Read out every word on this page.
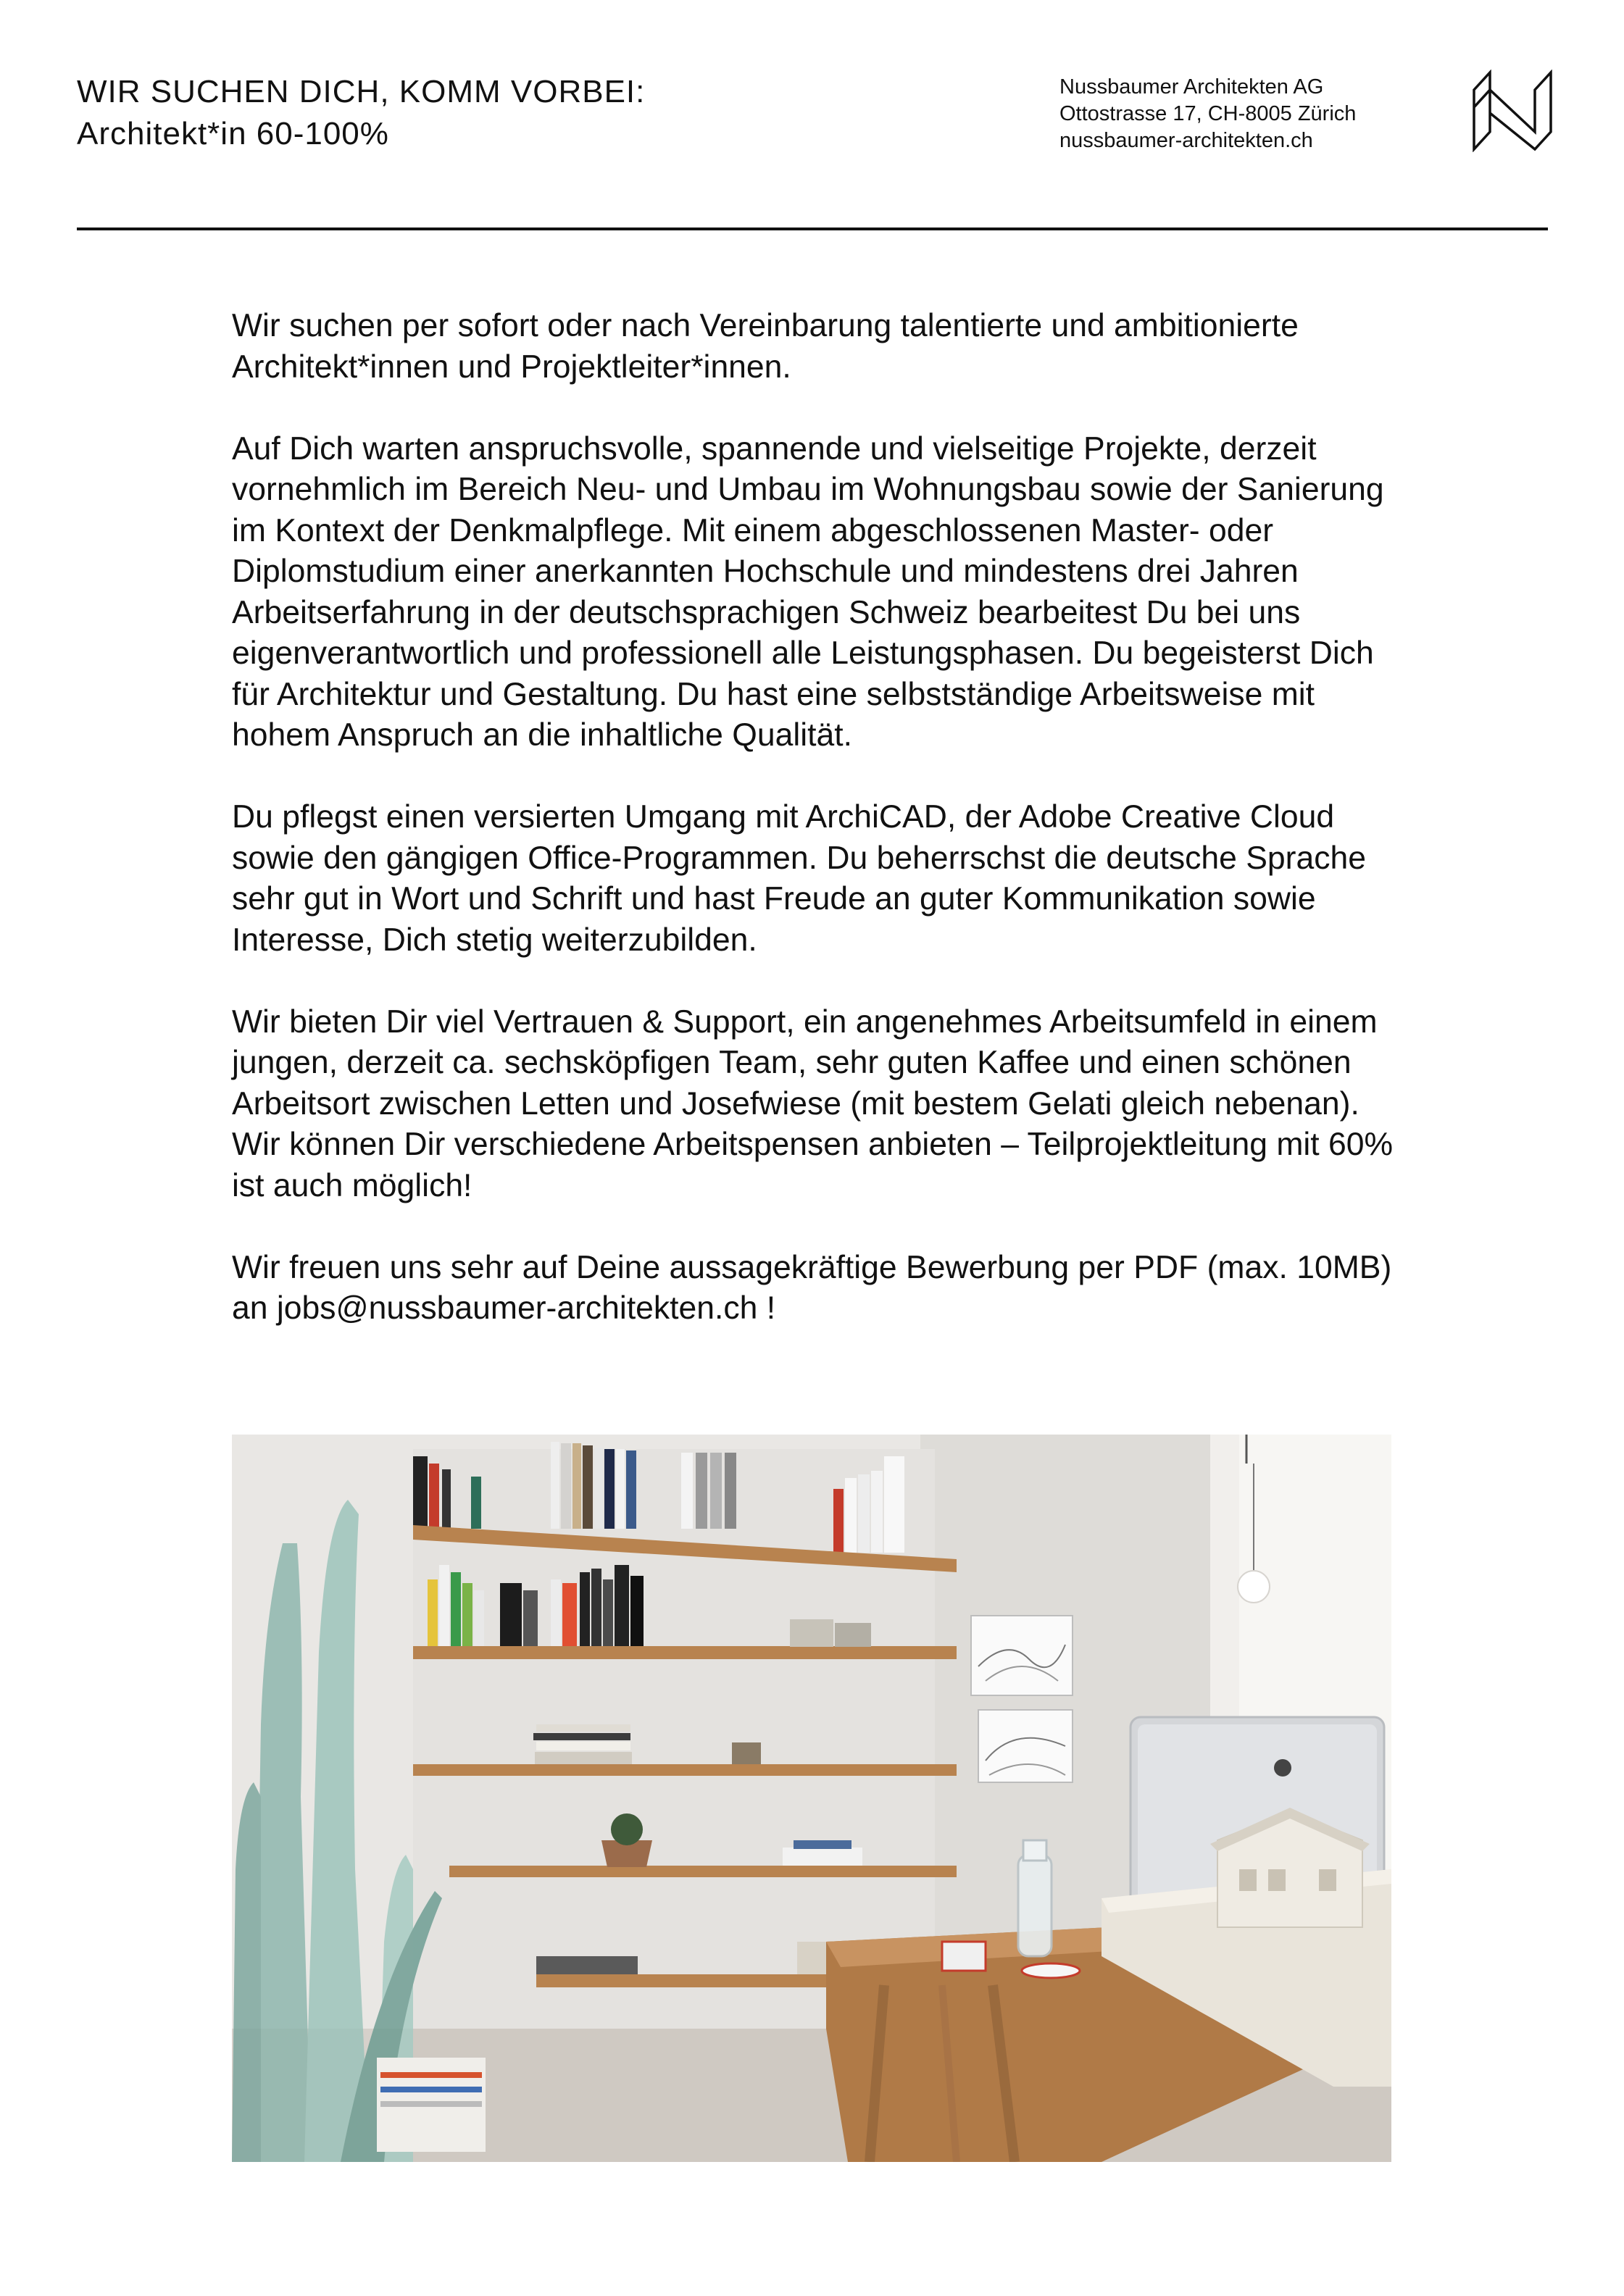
WIR SUCHEN DICH, KOMM VORBEI:
Architekt*in 60-100%
Nussbaumer Architekten AG
Ottostrasse 17, CH-8005 Zürich
nussbaumer-architekten.ch

Wir suchen per sofort oder nach Vereinbarung talentierte und ambitionierte Architekt*innen und Projektleiter*innen.

Auf Dich warten anspruchsvolle, spannende und vielseitige Projekte, derzeit vornehmlich im Bereich Neu- und Umbau im Wohnungsbau sowie der Sanierung im Kontext der Denkmalpflege. Mit einem abgeschlossenen Master- oder Diplomstudium einer anerkannten Hochschule und mindestens drei Jahren Arbeitserfahrung in der deutschsprachigen Schweiz bearbeitest Du bei uns eigenverantwortlich und professionell alle Leistungsphasen. Du begeisterst Dich für Architektur und Gestaltung. Du hast eine selbstständige Arbeitsweise mit hohem Anspruch an die inhaltliche Qualität.

Du pflegst einen versierten Umgang mit ArchiCAD, der Adobe Creative Cloud sowie den gängigen Office-Programmen. Du beherrschst die deutsche Sprache sehr gut in Wort und Schrift und hast Freude an guter Kommunikation sowie Interesse, Dich stetig weiterzubilden.

Wir bieten Dir viel Vertrauen & Support, ein angenehmes Arbeitsumfeld in einem jungen, derzeit ca. sechsköpfigen Team, sehr guten Kaffee und einen schönen Arbeitsort zwischen Letten und Josefwiese (mit bestem Gelati gleich nebenan). Wir können Dir verschiedene Arbeitspensen anbieten – Teilprojektleitung mit 60% ist auch möglich!

Wir freuen uns sehr auf Deine aussagekräftige Bewerbung per PDF (max. 10MB) an jobs@nussbaumer-architekten.ch !
